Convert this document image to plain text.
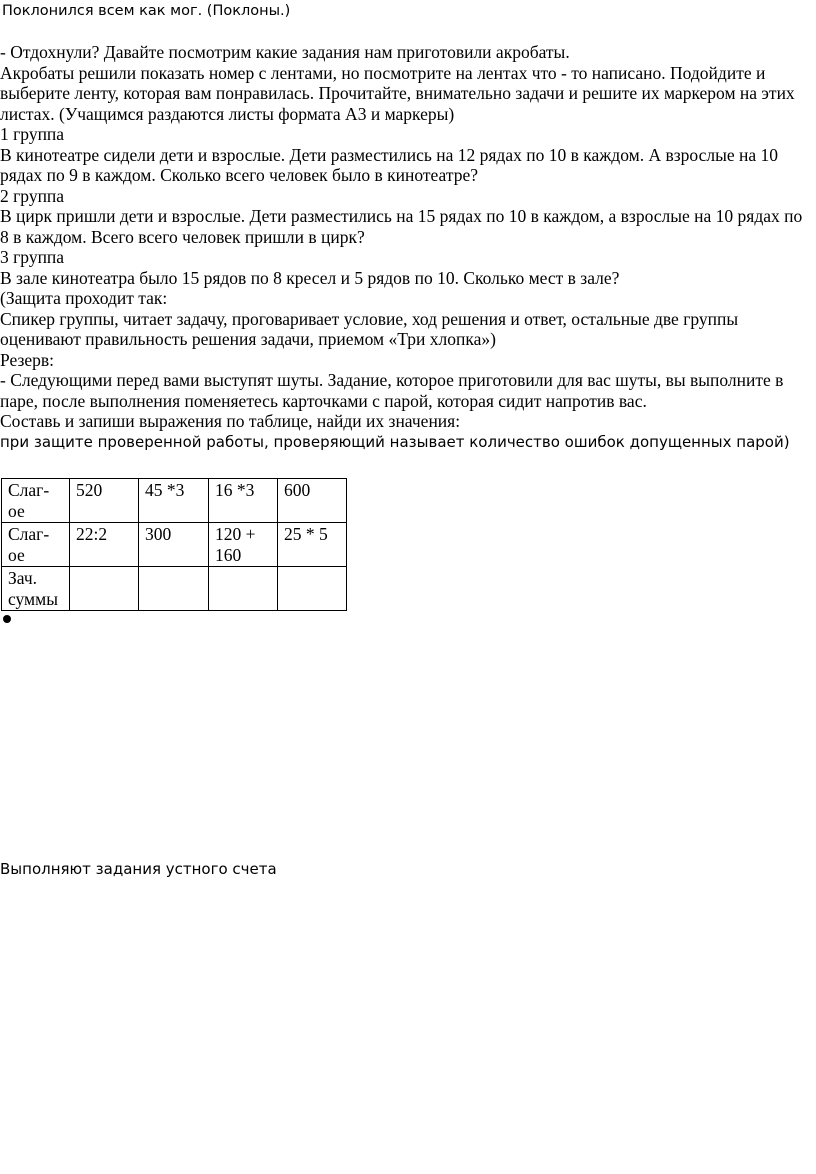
Поклонился всем как мог. (Поклоны.)

- Отдохнули? Давайте посмотрим какие задания нам приготовили акробаты.

Акробаты решили показать номер с лентами, но посмотрите на лентах что - то написано. Подойдите и выберите ленту, которая вам понравилась. Прочитайте, внимательно задачи и решите их маркером на этих листах. (Учащимся раздаются листы формата А3 и маркеры)

1 группа

В кинотеатре сидели дети и взрослые. Дети разместились на 12 рядах по 10 в каждом. А взрослые на 10 рядах по 9 в каждом. Сколько всего человек было в кинотеатре?

2 группа

В цирк пришли дети и взрослые. Дети разместились на 15 рядах по 10 в каждом, а взрослые на 10 рядах по 8 в каждом. Всего всего человек пришли в цирк?

3 группа

В зале кинотеатра было 15 рядов по 8 кресел и 5 рядов по 10. Сколько мест в зале?

(Защита проходит так:

Спикер группы, читает задачу, проговаривает условие, ход решения и ответ, остальные две группы оценивают правильность решения задачи, приемом «Три хлопка»)

Резерв:

- Следующими перед вами выступят шуты. Задание, которое приготовили для вас шуты, вы выполните в паре, после выполнения поменяетесь карточками с парой, которая сидит напротив вас.

Составь и запиши выражения по таблице, найди их значения:

при защите проверенной работы, проверяющий называет количество ошибок допущенных парой)

Слаг-ое	520	45 *3	16 *3	600
Слаг-ое	22:2	300	120 + 160	25 * 5
Зач. суммы				
Выполняют задания устного счета
